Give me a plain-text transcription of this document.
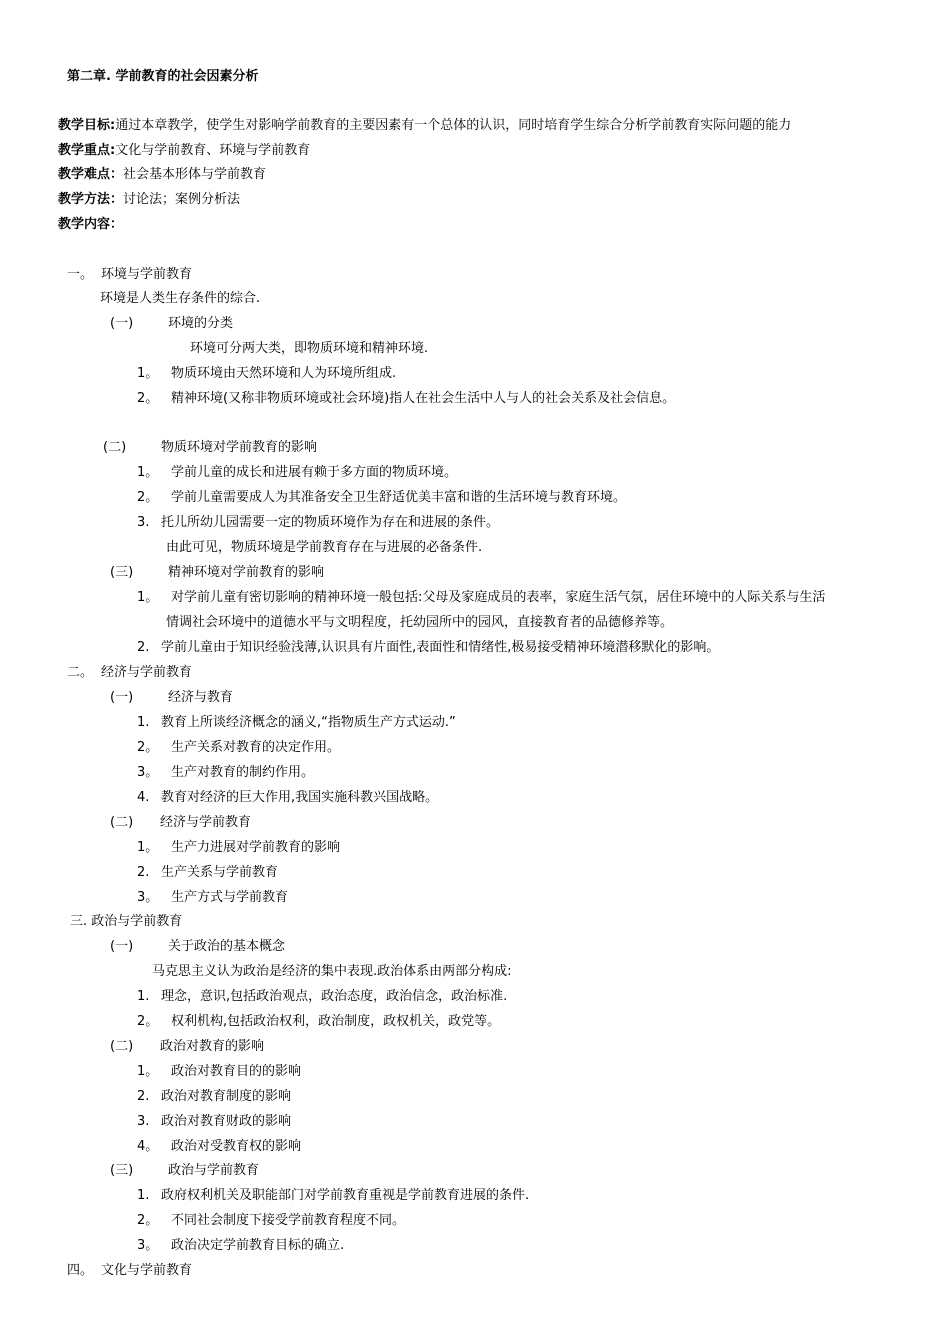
第二章. 学前教育的社会因素分析
教学目标:通过本章教学，使学生对影响学前教育的主要因素有一个总体的认识，同时培育学生综合分析学前教育实际问题的能力
教学重点:文化与学前教育、环境与学前教育
教学难点：社会基本形体与学前教育
教学方法：讨论法；案例分析法
教学内容：
一。 环境与学前教育
环境是人类生存条件的综合.
(一)	环境的分类
环境可分两大类，即物质环境和精神环境.
1。 物质环境由天然环境和人为环境所组成.
2。 精神环境(又称非物质环境或社会环境)指人在社会生活中人与人的社会关系及社会信息。
(二)	物质环境对学前教育的影响
1。 学前儿童的成长和进展有赖于多方面的物质环境。
2。 学前儿童需要成人为其准备安全卫生舒适优美丰富和谐的生活环境与教育环境。
3. 托儿所幼儿园需要一定的物质环境作为存在和进展的条件。
由此可见，物质环境是学前教育存在与进展的必备条件.
(三)	精神环境对学前教育的影响
1。 对学前儿童有密切影响的精神环境一般包括:父母及家庭成员的表率，家庭生活气氛，居住环境中的人际关系与生活
情调社会环境中的道德水平与文明程度，托幼园所中的园风，直接教育者的品德修养等。
2. 学前儿童由于知识经验浅薄,认识具有片面性,表面性和情绪性,极易接受精神环境潜移默化的影响。
二。 经济与学前教育
(一)	经济与教育
1. 教育上所谈经济概念的涵义,“指物质生产方式运动.”
2。 生产关系对教育的决定作用。
3。 生产对教育的制约作用。
4. 教育对经济的巨大作用,我国实施科教兴国战略。
(二) 经济与学前教育
1。 生产力进展对学前教育的影响
2. 生产关系与学前教育
3。 生产方式与学前教育
三. 政治与学前教育
(一)	关于政治的基本概念
马克思主义认为政治是经济的集中表现.政治体系由两部分构成:
1. 理念，意识,包括政治观点，政治态度，政治信念，政治标准.
2。 权利机构,包括政治权利，政治制度，政权机关，政党等。
(二) 政治对教育的影响
1。 政治对教育目的的影响
2. 政治对教育制度的影响
3. 政治对教育财政的影响
4。 政治对受教育权的影响
(三)	政治与学前教育
1. 政府权利机关及职能部门对学前教育重视是学前教育进展的条件.
2。 不同社会制度下接受学前教育程度不同。
3。 政治决定学前教育目标的确立.
四。 文化与学前教育
